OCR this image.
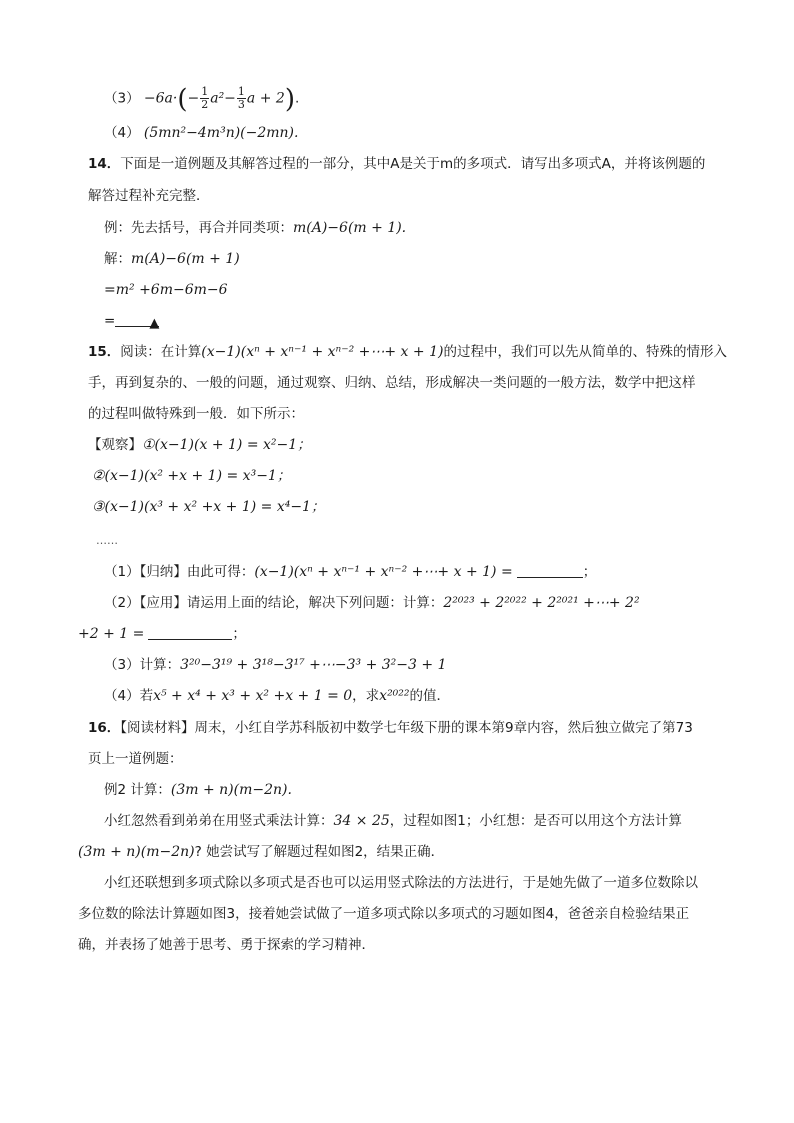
$(3) -6a\cdot(- \frac{1}{2} a^2- \frac{1}{3}$ a + 2).
（4） (5mn²−4m³n)(−2mn).
14．下面是一道例题及其解答过程的一部分，其中A是关于m的多项式．请写出多项式A，并将该例题的
解答过程补充完整．
例：先去括号，再合并同类项：m(A)−6(m + 1).
解：m(A)−6(m + 1)
=m² +6m−6m−6
=	▲
15．阅读：在计算(x−1)(xⁿ + xⁿ⁻¹ + xⁿ⁻² +⋯+ x + 1)的过程中，我们可以先从简单的、特殊的情形入
手，再到复杂的、一般的问题，通过观察、归纳、总结，形成解决一类问题的一般方法，数学中把这样
的过程叫做特殊到一般．如下所示：
【观察】①(x−1)(x + 1) = x²−1；
②(x−1)(x² +x + 1) = x³−1；
③(x−1)(x³ + x² +x + 1) = x⁴−1；
……
（1）【归纳】由此可得：(x−1)(xⁿ + xⁿ⁻¹ + xⁿ⁻² +⋯+ x + 1) =	；
（2）【应用】请运用上面的结论，解决下列问题：计算：2²⁰²³ + 2²⁰²² + 2²⁰²¹ +⋯+ 2²
+2 + 1 =	；
（3）计算：3²⁰−3¹⁹ + 3¹⁸−3¹⁷ +⋯−3³ + 3²−3 + 1
（4）若x⁵ + x⁴ + x³ + x² +x + 1 = 0，求x²⁰²²的值．
16．【阅读材料】周末，小红自学苏科版初中数学七年级下册的课本第9章内容，然后独立做完了第73
页上一道例题：
例2 计算：(3m + n)(m−2n).
小红忽然看到弟弟在用竖式乘法计算：34 × 25，过程如图1；小红想：是否可以用这个方法计算
(3m + n)(m−2n)? 她尝试写了解题过程如图2，结果正确．
小红还联想到多项式除以多项式是否也可以运用竖式除法的方法进行，于是她先做了一道多位数除以
多位数的除法计算题如图3，接着她尝试做了一道多项式除以多项式的习题如图4，爸爸亲自检验结果正
确，并表扬了她善于思考、勇于探索的学习精神．
